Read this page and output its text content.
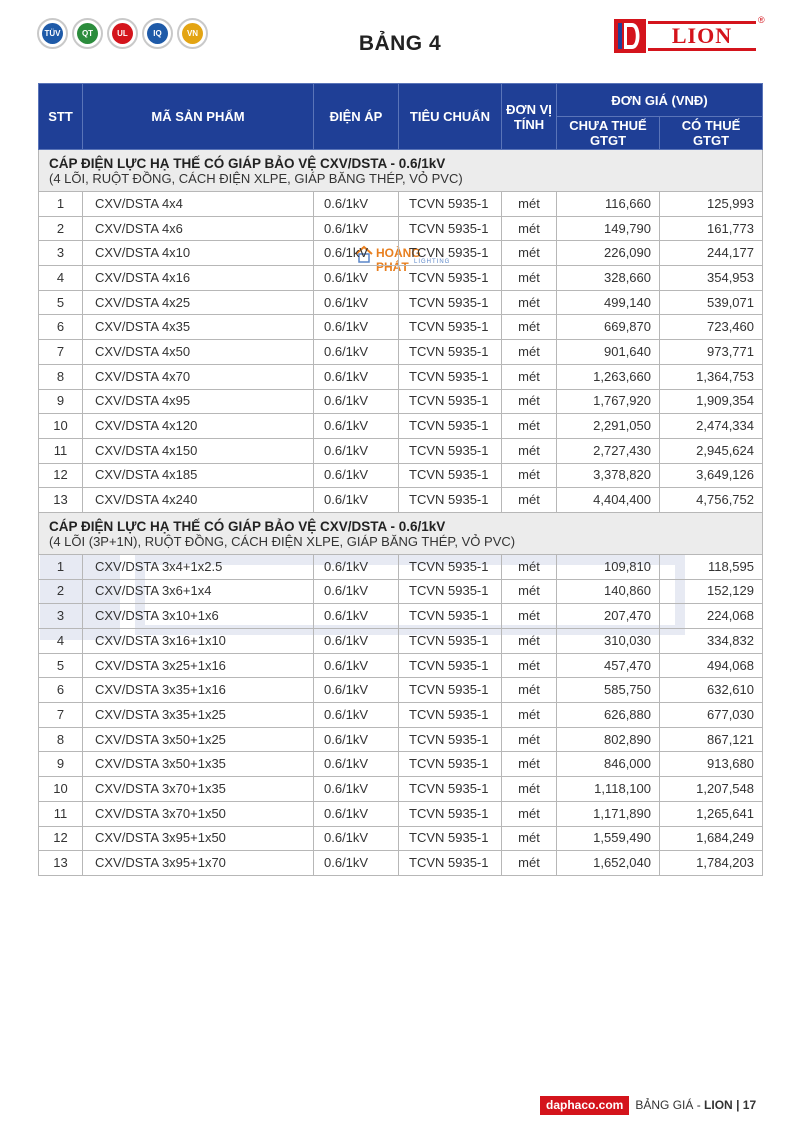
TÜV	QT	UL	IQ	VN	BẢNG 4	LION
®
HOÀNG PHÁT LIGHTING
STT	MÃ SẢN PHẨM	ĐIỆN ÁP	TIÊU CHUẨN	ĐƠN VỊ TÍNH	ĐƠN GIÁ (VNĐ)	
					CHƯA THUẾ GTGT	CÓ THUẾ GTGT

CÁP ĐIỆN LỰC HẠ THẾ CÓ GIÁP BẢO VỆ CXV/DSTA - 0.6/1kV
(4 LÕI, RUỘT ĐỒNG, CÁCH ĐIỆN XLPE, GIÁP BĂNG THÉP, VỎ PVC)						

1	CXV/DSTA 4x4	0.6/1kV	TCVN 5935-1	mét	116,660	125,993
2	CXV/DSTA 4x6	0.6/1kV	TCVN 5935-1	mét	149,790	161,773
3	CXV/DSTA 4x10	0.6/1kV	TCVN 5935-1	mét	226,090	244,177
4	CXV/DSTA 4x16	0.6/1kV	TCVN 5935-1	mét	328,660	354,953
5	CXV/DSTA 4x25	0.6/1kV	TCVN 5935-1	mét	499,140	539,071
6	CXV/DSTA 4x35	0.6/1kV	TCVN 5935-1	mét	669,870	723,460
7	CXV/DSTA 4x50	0.6/1kV	TCVN 5935-1	mét	901,640	973,771
8	CXV/DSTA 4x70	0.6/1kV	TCVN 5935-1	mét	1,263,660	1,364,753
9	CXV/DSTA 4x95	0.6/1kV	TCVN 5935-1	mét	1,767,920	1,909,354
10	CXV/DSTA 4x120	0.6/1kV	TCVN 5935-1	mét	2,291,050	2,474,334
11	CXV/DSTA 4x150	0.6/1kV	TCVN 5935-1	mét	2,727,430	2,945,624
12	CXV/DSTA 4x185	0.6/1kV	TCVN 5935-1	mét	3,378,820	3,649,126
13	CXV/DSTA 4x240	0.6/1kV	TCVN 5935-1	mét	4,404,400	4,756,752

CÁP ĐIỆN LỰC HẠ THẾ CÓ GIÁP BẢO VỆ CXV/DSTA - 0.6/1kV
(4 LÕI (3P+1N), RUỘT ĐỒNG, CÁCH ĐIỆN XLPE, GIÁP BĂNG THÉP, VỎ PVC)						

1	CXV/DSTA 3x4+1x2.5	0.6/1kV	TCVN 5935-1	mét	109,810	118,595
2	CXV/DSTA 3x6+1x4	0.6/1kV	TCVN 5935-1	mét	140,860	152,129
3	CXV/DSTA 3x10+1x6	0.6/1kV	TCVN 5935-1	mét	207,470	224,068
4	CXV/DSTA 3x16+1x10	0.6/1kV	TCVN 5935-1	mét	310,030	334,832
5	CXV/DSTA 3x25+1x16	0.6/1kV	TCVN 5935-1	mét	457,470	494,068
6	CXV/DSTA 3x35+1x16	0.6/1kV	TCVN 5935-1	mét	585,750	632,610
7	CXV/DSTA 3x35+1x25	0.6/1kV	TCVN 5935-1	mét	626,880	677,030
8	CXV/DSTA 3x50+1x25	0.6/1kV	TCVN 5935-1	mét	802,890	867,121
9	CXV/DSTA 3x50+1x35	0.6/1kV	TCVN 5935-1	mét	846,000	913,680
10	CXV/DSTA 3x70+1x35	0.6/1kV	TCVN 5935-1	mét	1,118,100	1,207,548
11	CXV/DSTA 3x70+1x50	0.6/1kV	TCVN 5935-1	mét	1,171,890	1,265,641
12	CXV/DSTA 3x95+1x50	0.6/1kV	TCVN 5935-1	mét	1,559,490	1,684,249
13	CXV/DSTA 3x95+1x70	0.6/1kV	TCVN 5935-1	mét	1,652,040	1,784,203
daphaco.com	BẢNG GIÁ - LION | 17
